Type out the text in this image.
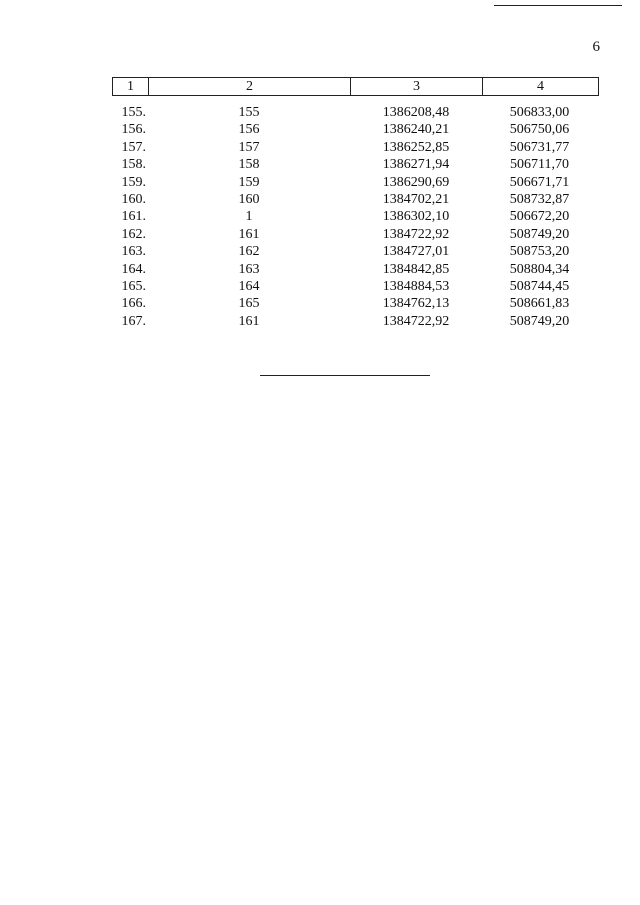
6
1	2	3	4
155.	155	1386208,48	506833,00
156.	156	1386240,21	506750,06
157.	157	1386252,85	506731,77
158.	158	1386271,94	506711,70
159.	159	1386290,69	506671,71
160.	160	1384702,21	508732,87
161.	1	1386302,10	506672,20
162.	161	1384722,92	508749,20
163.	162	1384727,01	508753,20
164.	163	1384842,85	508804,34
165.	164	1384884,53	508744,45
166.	165	1384762,13	508661,83
167.	161	1384722,92	508749,20
